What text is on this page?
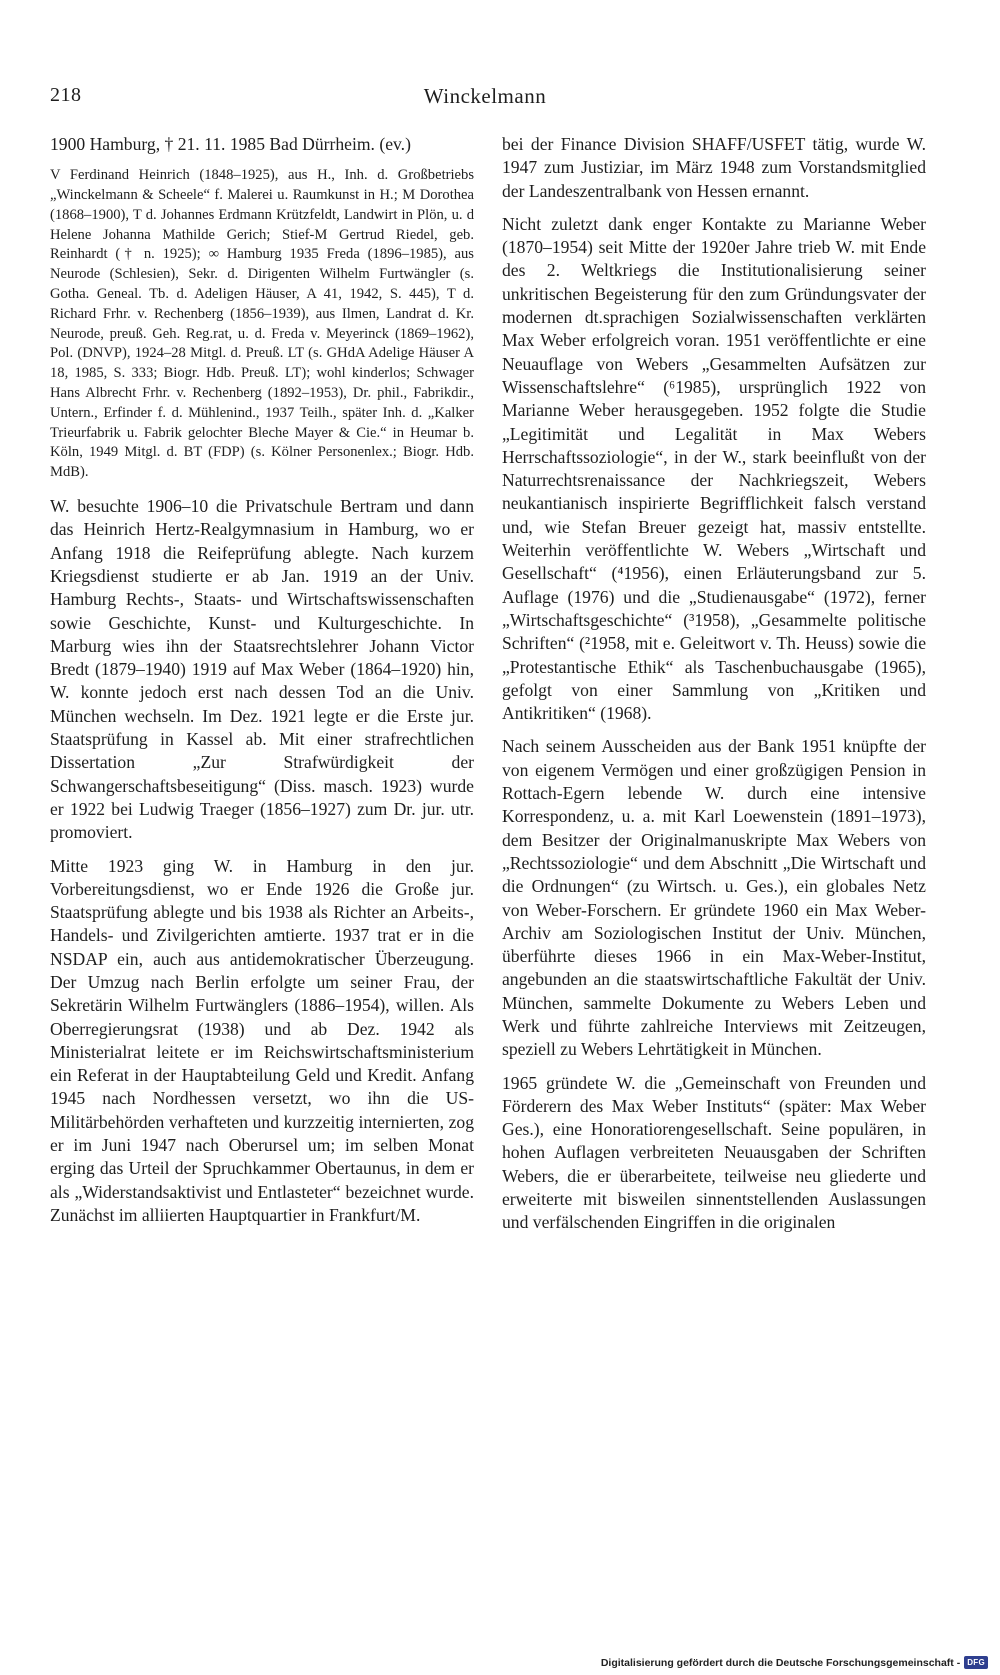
218	Winckelmann

1900 Hamburg, † 21. 11. 1985 Bad Dürrheim. (ev.)

V Ferdinand Heinrich (1848–1925), aus H., Inh. d. Großbetriebs „Winckelmann & Scheele“ f. Malerei u. Raumkunst in H.; M Dorothea (1868–1900), T d. Johannes Erdmann Krützfeldt, Landwirt in Plön, u. d Helene Johanna Mathilde Gerich; Stief-M Gertrud Riedel, geb. Reinhardt († n. 1925); ∞ Hamburg 1935 Freda (1896–1985), aus Neurode (Schlesien), Sekr. d. Dirigenten Wilhelm Furtwängler (s. Gotha. Geneal. Tb. d. Adeligen Häuser, A 41, 1942, S. 445), T d. Richard Frhr. v. Rechenberg (1856–1939), aus Ilmen, Landrat d. Kr. Neurode, preuß. Geh. Reg.rat, u. d. Freda v. Meyerinck (1869–1962), Pol. (DNVP), 1924–28 Mitgl. d. Preuß. LT (s. GHdA Adelige Häuser A 18, 1985, S. 333; Biogr. Hdb. Preuß. LT); wohl kinderlos; Schwager Hans Albrecht Frhr. v. Rechenberg (1892–1953), Dr. phil., Fabrikdir., Untern., Erfinder f. d. Mühlenind., 1937 Teilh., später Inh. d. „Kalker Trieurfabrik u. Fabrik gelochter Bleche Mayer & Cie.“ in Heumar b. Köln, 1949 Mitgl. d. BT (FDP) (s. Kölner Personenlex.; Biogr. Hdb. MdB).

W. besuchte 1906–10 die Privatschule Bertram und dann das Heinrich Hertz-Realgymnasium in Hamburg, wo er Anfang 1918 die Reifeprüfung ablegte. Nach kurzem Kriegsdienst studierte er ab Jan. 1919 an der Univ. Hamburg Rechts-, Staats- und Wirtschaftswissenschaften sowie Geschichte, Kunst- und Kulturgeschichte. In Marburg wies ihn der Staatsrechtslehrer Johann Victor Bredt (1879–1940) 1919 auf Max Weber (1864–1920) hin, W. konnte jedoch erst nach dessen Tod an die Univ. München wechseln. Im Dez. 1921 legte er die Erste jur. Staatsprüfung in Kassel ab. Mit einer strafrechtlichen Dissertation „Zur Strafwürdigkeit der Schwangerschaftsbeseitigung“ (Diss. masch. 1923) wurde er 1922 bei Ludwig Traeger (1856–1927) zum Dr. jur. utr. promoviert.

Mitte 1923 ging W. in Hamburg in den jur. Vorbereitungsdienst, wo er Ende 1926 die Große jur. Staatsprüfung ablegte und bis 1938 als Richter an Arbeits-, Handels- und Zivilgerichten amtierte. 1937 trat er in die NSDAP ein, auch aus antidemokratischer Überzeugung. Der Umzug nach Berlin erfolgte um seiner Frau, der Sekretärin Wilhelm Furtwänglers (1886–1954), willen. Als Oberregierungsrat (1938) und ab Dez. 1942 als Ministerialrat leitete er im Reichswirtschaftsministerium ein Referat in der Hauptabteilung Geld und Kredit. Anfang 1945 nach Nordhessen versetzt, wo ihn die US-Militärbehörden verhafteten und kurzzeitig internierten, zog er im Juni 1947 nach Oberursel um; im selben Monat erging das Urteil der Spruchkammer Obertaunus, in dem er als „Widerstandsaktivist und Entlasteter“ bezeichnet wurde. Zunächst im alliierten Hauptquartier in Frankfurt/M.

bei der Finance Division SHAFF/USFET tätig, wurde W. 1947 zum Justiziar, im März 1948 zum Vorstandsmitglied der Landeszentralbank von Hessen ernannt.

Nicht zuletzt dank enger Kontakte zu Marianne Weber (1870–1954) seit Mitte der 1920er Jahre trieb W. mit Ende des 2. Weltkriegs die Institutionalisierung seiner unkritischen Begeisterung für den zum Gründungsvater der modernen dt.sprachigen Sozialwissenschaften verklärten Max Weber erfolgreich voran. 1951 veröffentlichte er eine Neuauflage von Webers „Gesammelten Aufsätzen zur Wissenschaftslehre“ (⁶1985), ursprünglich 1922 von Marianne Weber herausgegeben. 1952 folgte die Studie „Legitimität und Legalität in Max Webers Herrschaftssoziologie“, in der W., stark beeinflußt von der Naturrechtsrenaissance der Nachkriegszeit, Webers neukantianisch inspirierte Begrifflichkeit falsch verstand und, wie Stefan Breuer gezeigt hat, massiv entstellte. Weiterhin veröffentlichte W. Webers „Wirtschaft und Gesellschaft“ (⁴1956), einen Erläuterungsband zur 5. Auflage (1976) und die „Studienausgabe“ (1972), ferner „Wirtschaftsgeschichte“ (³1958), „Gesammelte politische Schriften“ (²1958, mit e. Geleitwort v. Th. Heuss) sowie die „Protestantische Ethik“ als Taschenbuchausgabe (1965), gefolgt von einer Sammlung von „Kritiken und Antikritiken“ (1968).

Nach seinem Ausscheiden aus der Bank 1951 knüpfte der von eigenem Vermögen und einer großzügigen Pension in Rottach-Egern lebende W. durch eine intensive Korrespondenz, u. a. mit Karl Loewenstein (1891–1973), dem Besitzer der Originalmanuskripte Max Webers von „Rechtssoziologie“ und dem Abschnitt „Die Wirtschaft und die Ordnungen“ (zu Wirtsch. u. Ges.), ein globales Netz von Weber-Forschern. Er gründete 1960 ein Max Weber-Archiv am Soziologischen Institut der Univ. München, überführte dieses 1966 in ein Max-Weber-Institut, angebunden an die staatswirtschaftliche Fakultät der Univ. München, sammelte Dokumente zu Webers Leben und Werk und führte zahlreiche Interviews mit Zeitzeugen, speziell zu Webers Lehrtätigkeit in München.

1965 gründete W. die „Gemeinschaft von Freunden und Förderern des Max Weber Instituts“ (später: Max Weber Ges.), eine Honoratiorengesellschaft. Seine populären, in hohen Auflagen verbreiteten Neuausgaben der Schriften Webers, die er überarbeitete, teilweise neu gliederte und erweiterte mit bisweilen sinnentstellenden Auslassungen und verfälschenden Eingriffen in die originalen

Digitalisierung gefördert durch die Deutsche Forschungsgemeinschaft - DFG
